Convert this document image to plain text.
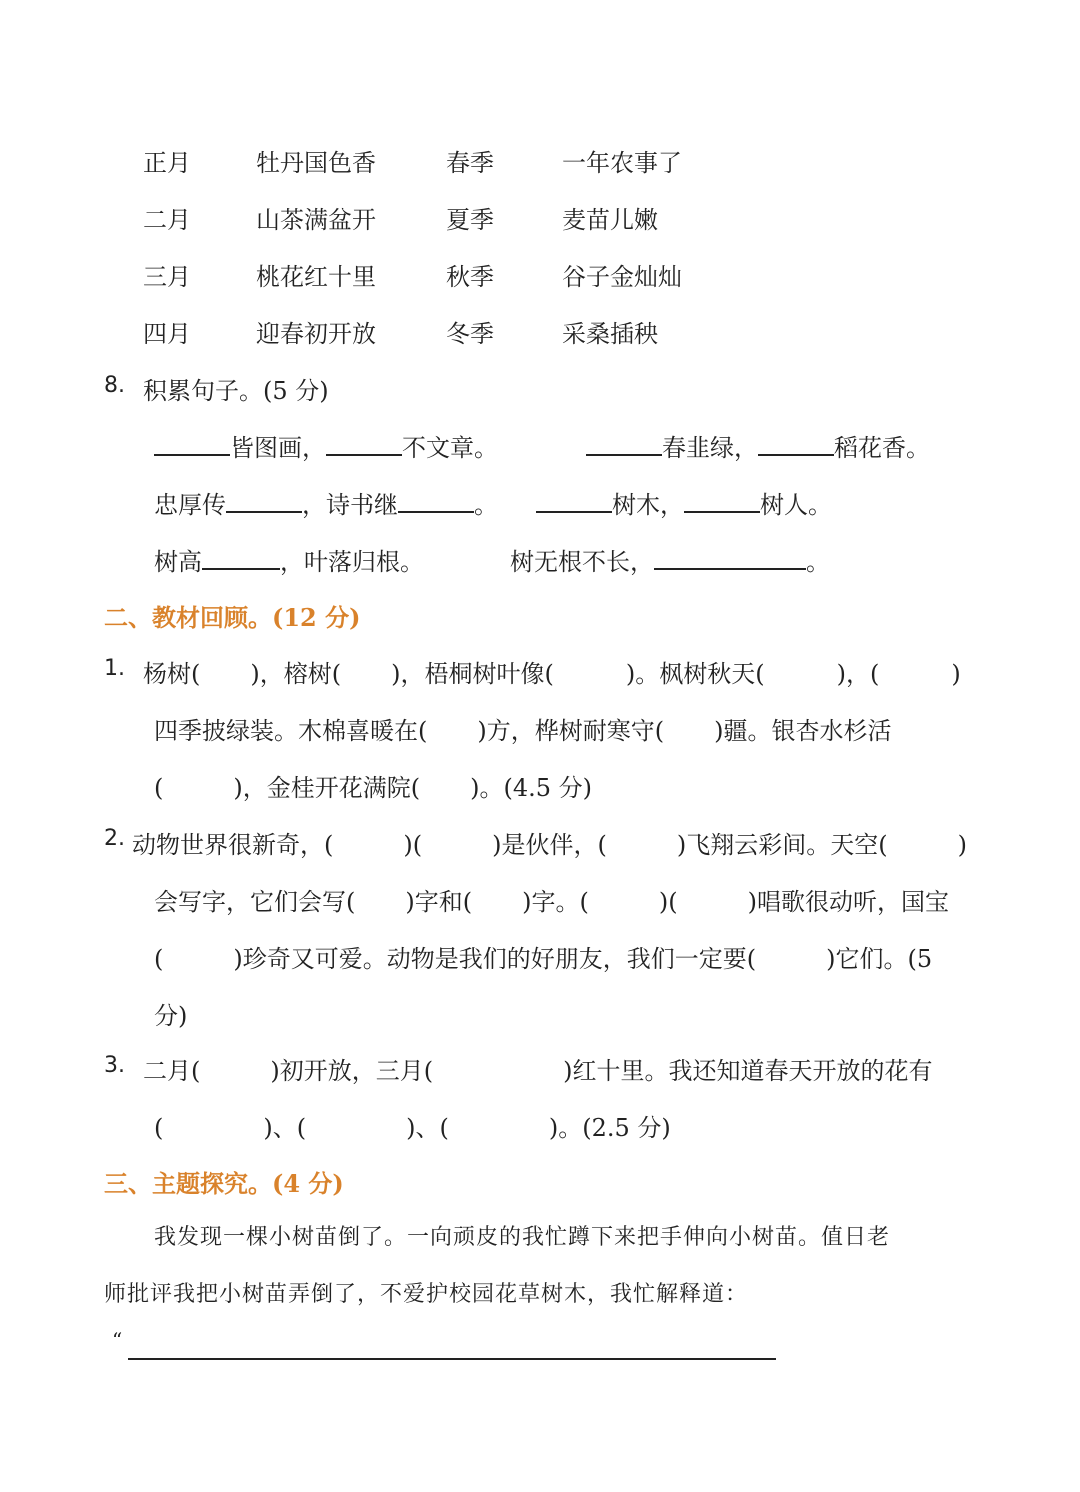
正月	牡丹国色香	春季	一年农事了
二月	山茶满盆开	夏季	麦苗儿嫩
三月	桃花红十里	秋季	谷子金灿灿
四月	迎春初开放	冬季	采桑插秧
8. 积累句子。(5 分)
皆图画，	不文章。	春韭绿，	稻花香。
忠厚传	，诗书继	。	树木，	树人。
树高	，叶落归根。	树无根不长，	。
二、教材回顾。(12 分)
1. 杨树( )，榕树( )，梧桐树叶像(	)。枫树秋天(	)，(	)
四季披绿装。木棉喜暖在( )方，桦树耐寒守( )疆。银杏水杉活
(	)，金桂开花满院( )。(4.5 分)
2. 动物世界很新奇，(	)(	)是伙伴，(	)飞翔云彩间。天空(	)
会写字，它们会写( )字和( )字。(	)(	)唱歌很动听，国宝
(	)珍奇又可爱。动物是我们的好朋友，我们一定要(	)它们。(5
分)
3. 二月(	)初开放，三月(	)红十里。我还知道春天开放的花有
(	)、(	)、(	)。(2.5 分)
三、主题探究。(4 分)
我发现一棵小树苗倒了。一向顽皮的我忙蹲下来把手伸向小树苗。值日老
师批评我把小树苗弄倒了，不爱护校园花草树木，我忙解释道：
“
